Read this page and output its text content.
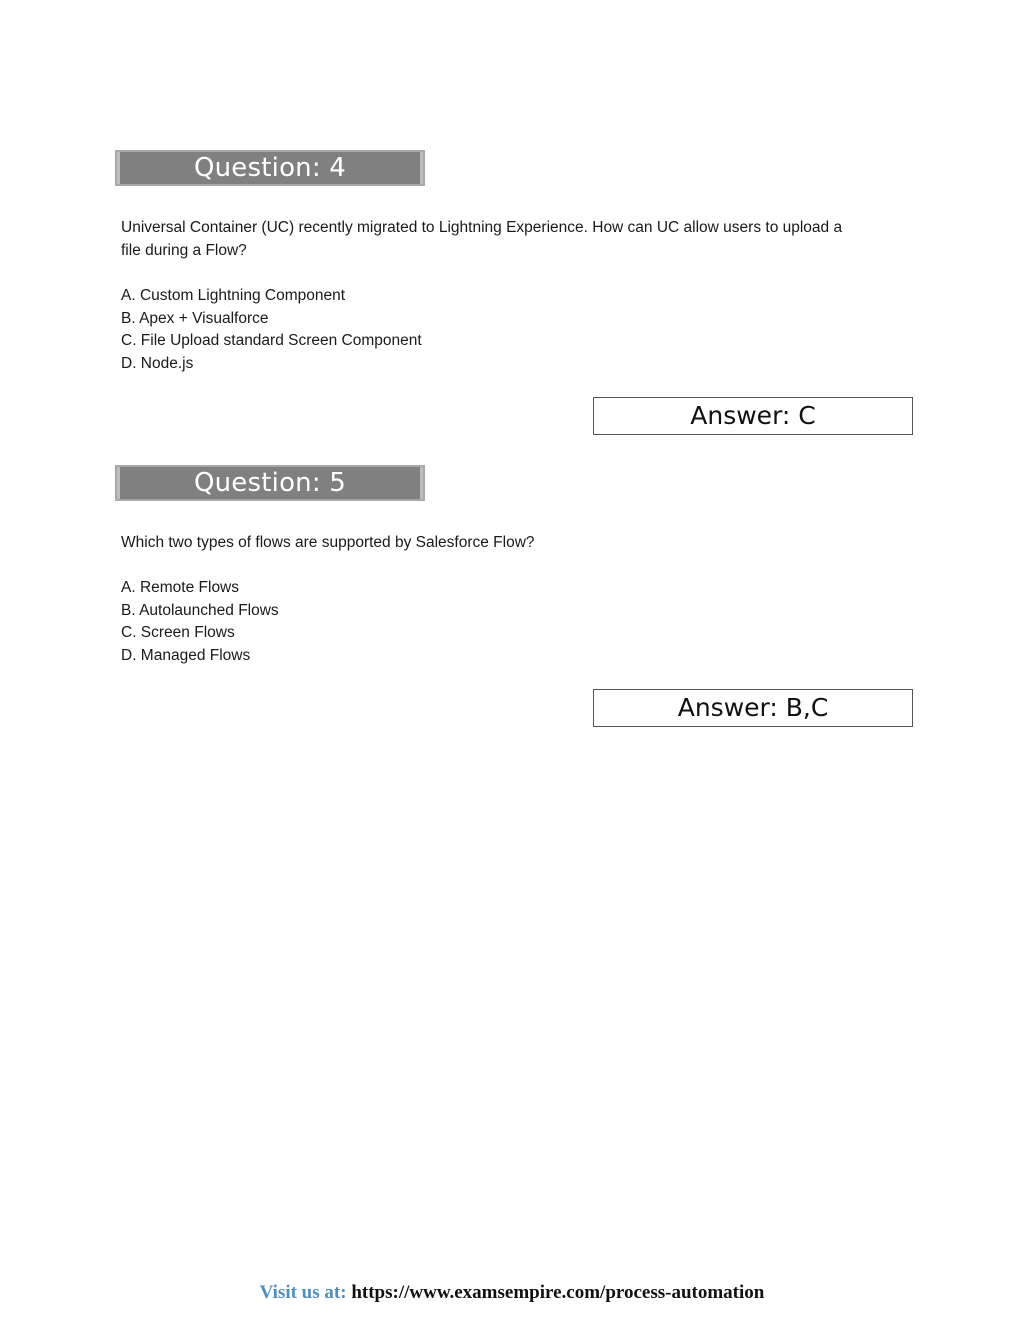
Question: 4

Universal Container (UC) recently migrated to Lightning Experience. How can UC allow users to upload a
file during a Flow?

A. Custom Lightning Component
B. Apex + Visualforce
C. File Upload standard Screen Component
D. Node.js
Answer: C
Question: 5

Which two types of flows are supported by Salesforce Flow?

A. Remote Flows
B. Autolaunched Flows
C. Screen Flows
D. Managed Flows
Answer: B,C
Visit us at: https://www.examsempire.com/process-automation
